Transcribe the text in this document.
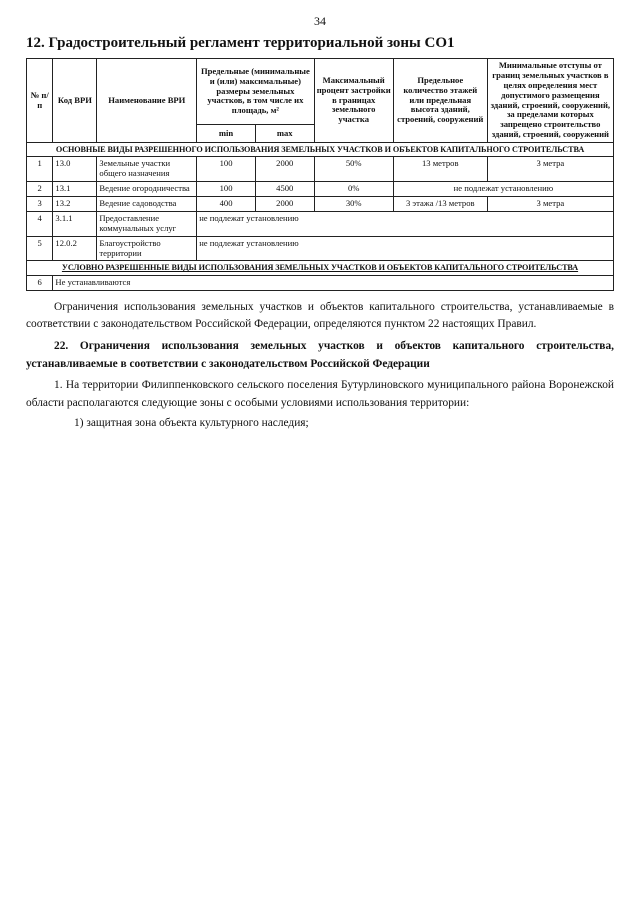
34
12. Градостроительный регламент территориальной зоны СО1
№ п/п	Код ВРИ	Наименование ВРИ	Предельные (минимальные и (или) максимальные) размеры земельных участков, в том числе их площадь, м²		Максимальный процент застройки в границах земельного участка	Предельное количество этажей или предельная высота зданий, строений, сооружений	Минимальные отступы от границ земельных участков в целях определения мест допустимого размещения зданий, строений, сооружений, за пределами которых запрещено строительство зданий, строений, сооружений
			min	max			
ОСНОВНЫЕ ВИДЫ РАЗРЕШЕННОГО ИСПОЛЬЗОВАНИЯ ЗЕМЕЛЬНЫХ УЧАСТКОВ И ОБЪЕКТОВ КАПИТАЛЬНОГО СТРОИТЕЛЬСТВА							
1	13.0	Земельные участки общего назначения	100	2000	50%	13 метров	3 метра
2	13.1	Ведение огородничества	100	4500	0%	не подлежат установлению	
3	13.2	Ведение садоводства	400	2000	30%	3 этажа /13 метров	3 метра
4	3.1.1	Предоставление коммунальных услуг	не подлежат установлению				
5	12.0.2	Благоустройство территории	не подлежат установлению				
УСЛОВНО РАЗРЕШЕННЫЕ ВИДЫ ИСПОЛЬЗОВАНИЯ ЗЕМЕЛЬНЫХ УЧАСТКОВ И ОБЪЕКТОВ КАПИТАЛЬНОГО СТРОИТЕЛЬСТВА							
6	Не устанавливаются						

Ограничения использования земельных участков и объектов капитального строительства, устанавливаемые в соответствии с законодательством Российской Федерации, определяются пунктом 22 настоящих Правил.

22. Ограничения использования земельных участков и объектов капитального строительства, устанавливаемые в соответствии с законодательством Российской Федерации

1. На территории Филиппенковского сельского поселения Бутурлиновского муниципального района Воронежской области располагаются следующие зоны с особыми условиями использования территории:

1) защитная зона объекта культурного наследия;
